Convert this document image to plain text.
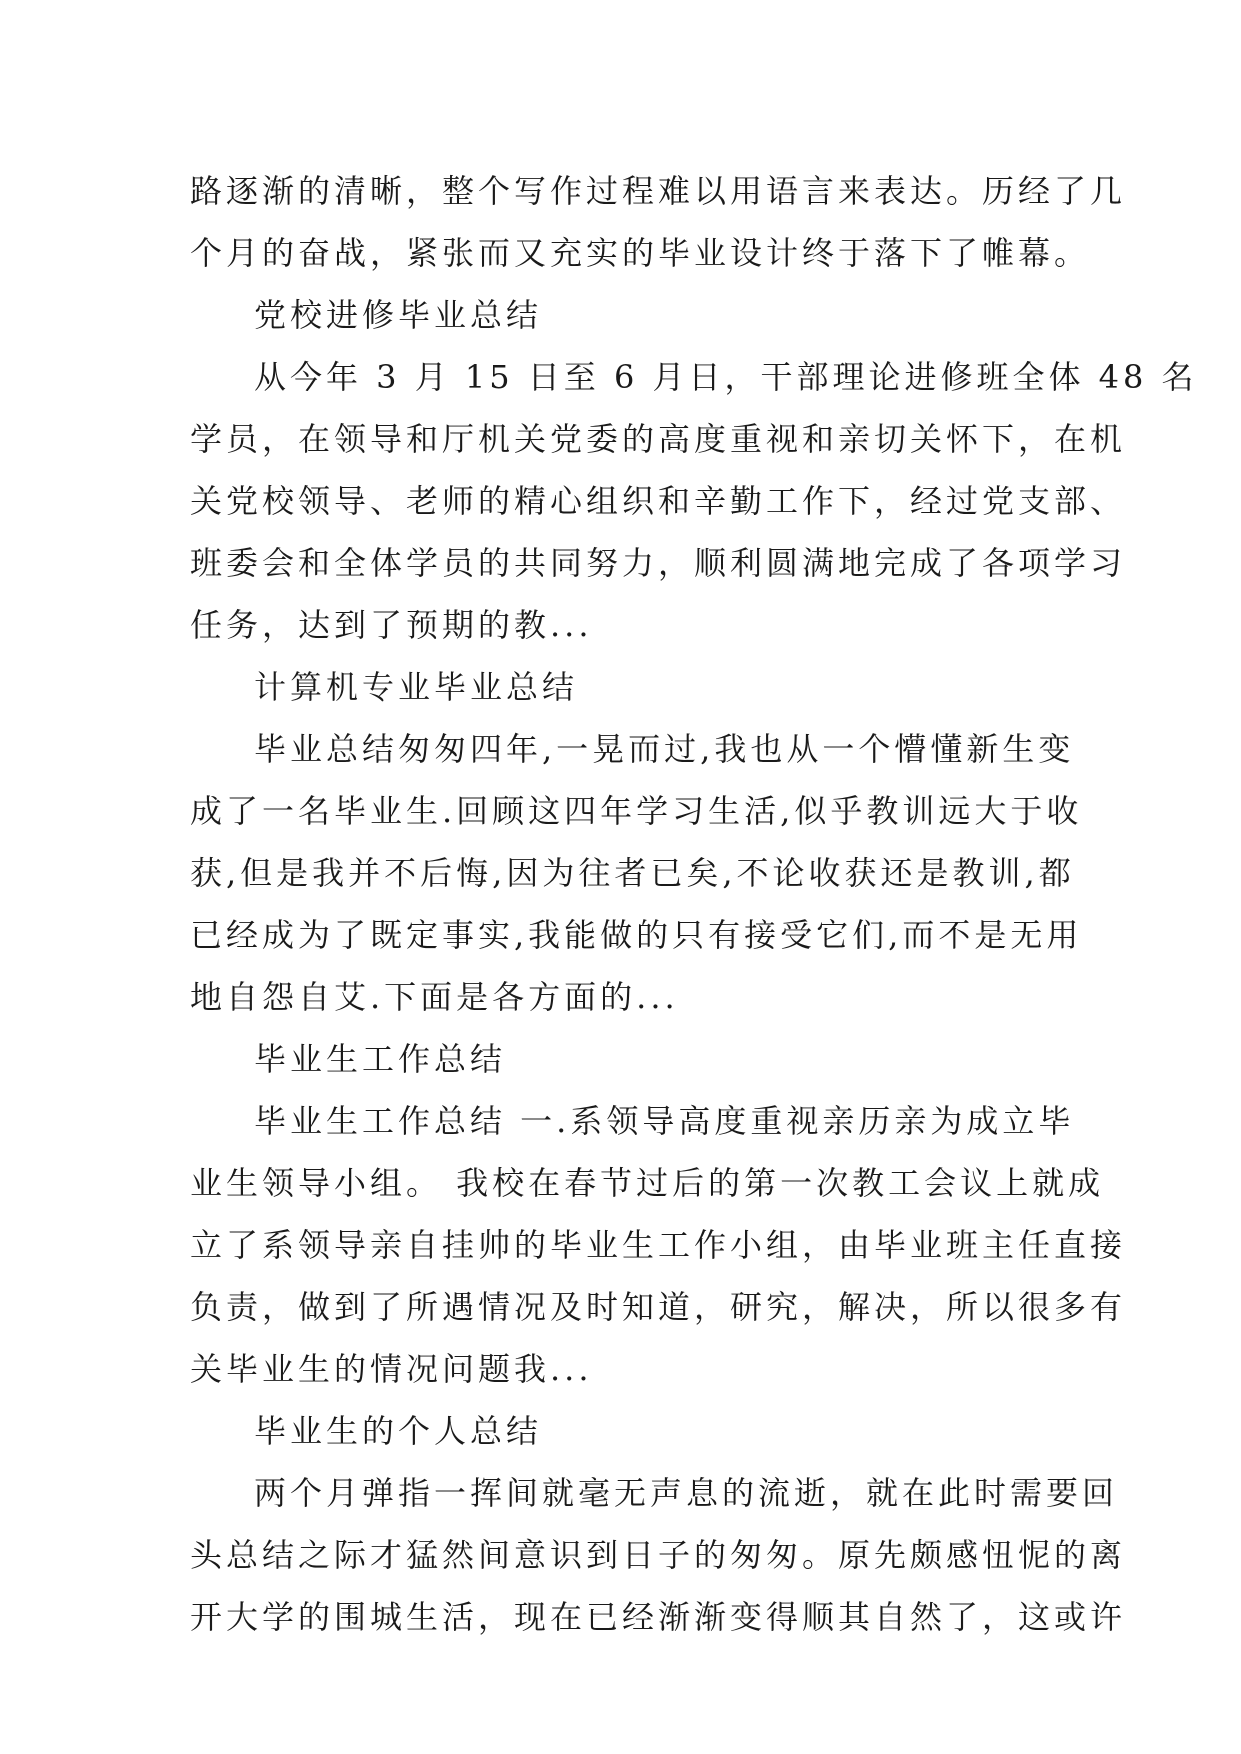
路逐渐的清晰，整个写作过程难以用语言来表达。历经了几
个月的奋战，紧张而又充实的毕业设计终于落下了帷幕。
党校进修毕业总结
从今年 3 月 15 日至 6 月日，干部理论进修班全体 48 名
学员，在领导和厅机关党委的高度重视和亲切关怀下，在机
关党校领导、老师的精心组织和辛勤工作下，经过党支部、
班委会和全体学员的共同努力，顺利圆满地完成了各项学习
任务，达到了预期的教...
计算机专业毕业总结
毕业总结匆匆四年,一晃而过,我也从一个懵懂新生变
成了一名毕业生.回顾这四年学习生活,似乎教训远大于收
获,但是我并不后悔,因为往者已矣,不论收获还是教训,都
已经成为了既定事实,我能做的只有接受它们,而不是无用
地自怨自艾.下面是各方面的...
毕业生工作总结
毕业生工作总结 一.系领导高度重视亲历亲为成立毕
业生领导小组。 我校在春节过后的第一次教工会议上就成
立了系领导亲自挂帅的毕业生工作小组，由毕业班主任直接
负责，做到了所遇情况及时知道，研究，解决，所以很多有
关毕业生的情况问题我...
毕业生的个人总结
两个月弹指一挥间就毫无声息的流逝，就在此时需要回
头总结之际才猛然间意识到日子的匆匆。原先颇感忸怩的离
开大学的围城生活，现在已经渐渐变得顺其自然了，这或许
